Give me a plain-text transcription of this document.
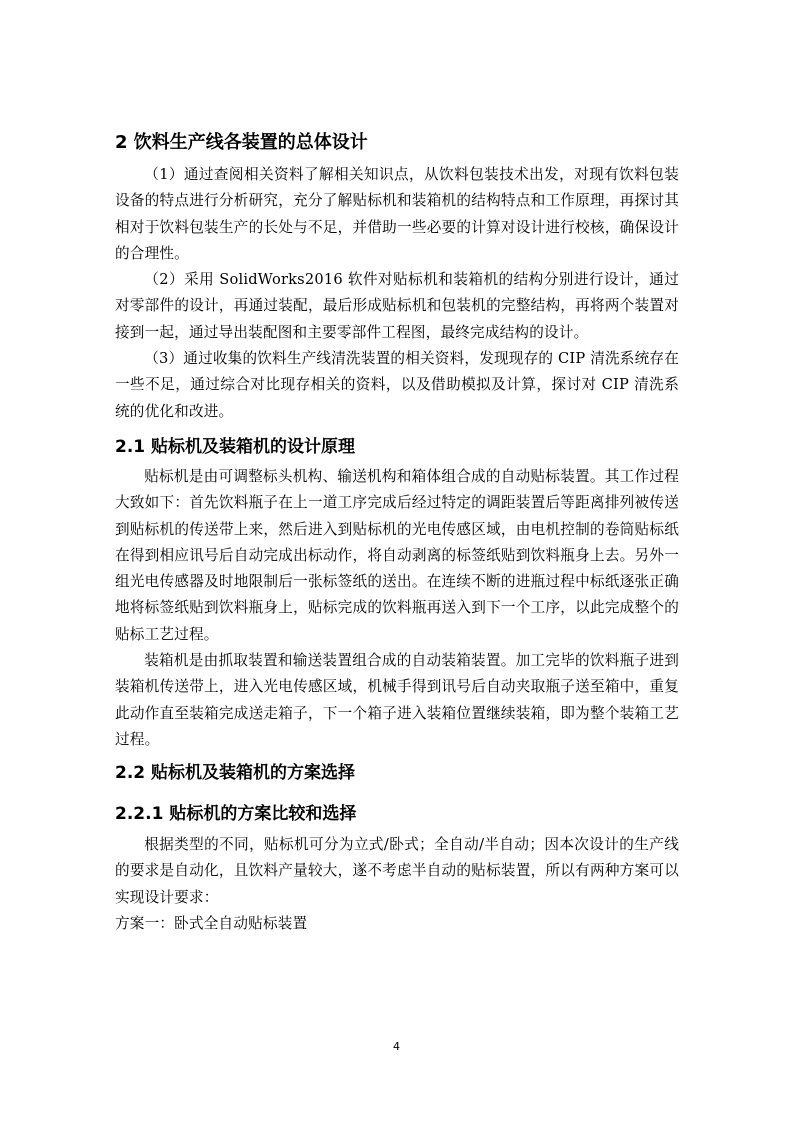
2 饮料生产线各装置的总体设计

（1）通过查阅相关资料了解相关知识点，从饮料包装技术出发，对现有饮料包装设备的特点进行分析研究，充分了解贴标机和装箱机的结构特点和工作原理，再探讨其相对于饮料包装生产的长处与不足，并借助一些必要的计算对设计进行校核，确保设计的合理性。

（2）采用 SolidWorks2016 软件对贴标机和装箱机的结构分别进行设计，通过对零部件的设计，再通过装配，最后形成贴标机和包装机的完整结构，再将两个装置对接到一起，通过导出装配图和主要零部件工程图，最终完成结构的设计。

（3）通过收集的饮料生产线清洗装置的相关资料，发现现存的 CIP 清洗系统存在一些不足，通过综合对比现存相关的资料，以及借助模拟及计算，探讨对 CIP 清洗系统的优化和改进。

2.1 贴标机及装箱机的设计原理

贴标机是由可调整标头机构、输送机构和箱体组合成的自动贴标装置。其工作过程大致如下：首先饮料瓶子在上一道工序完成后经过特定的调距装置后等距离排列被传送到贴标机的传送带上来，然后进入到贴标机的光电传感区域，由电机控制的卷筒贴标纸在得到相应讯号后自动完成出标动作，将自动剥离的标签纸贴到饮料瓶身上去。另外一组光电传感器及时地限制后一张标签纸的送出。在连续不断的进瓶过程中标纸逐张正确地将标签纸贴到饮料瓶身上，贴标完成的饮料瓶再送入到下一个工序，以此完成整个的贴标工艺过程。

装箱机是由抓取装置和输送装置组合成的自动装箱装置。加工完毕的饮料瓶子进到装箱机传送带上，进入光电传感区域，机械手得到讯号后自动夹取瓶子送至箱中，重复此动作直至装箱完成送走箱子，下一个箱子进入装箱位置继续装箱，即为整个装箱工艺过程。

2.2 贴标机及装箱机的方案选择
2.2.1 贴标机的方案比较和选择

根据类型的不同，贴标机可分为立式/卧式；全自动/半自动；因本次设计的生产线的要求是自动化，且饮料产量较大，遂不考虑半自动的贴标装置，所以有两种方案可以实现设计要求：

方案一：卧式全自动贴标装置

4
